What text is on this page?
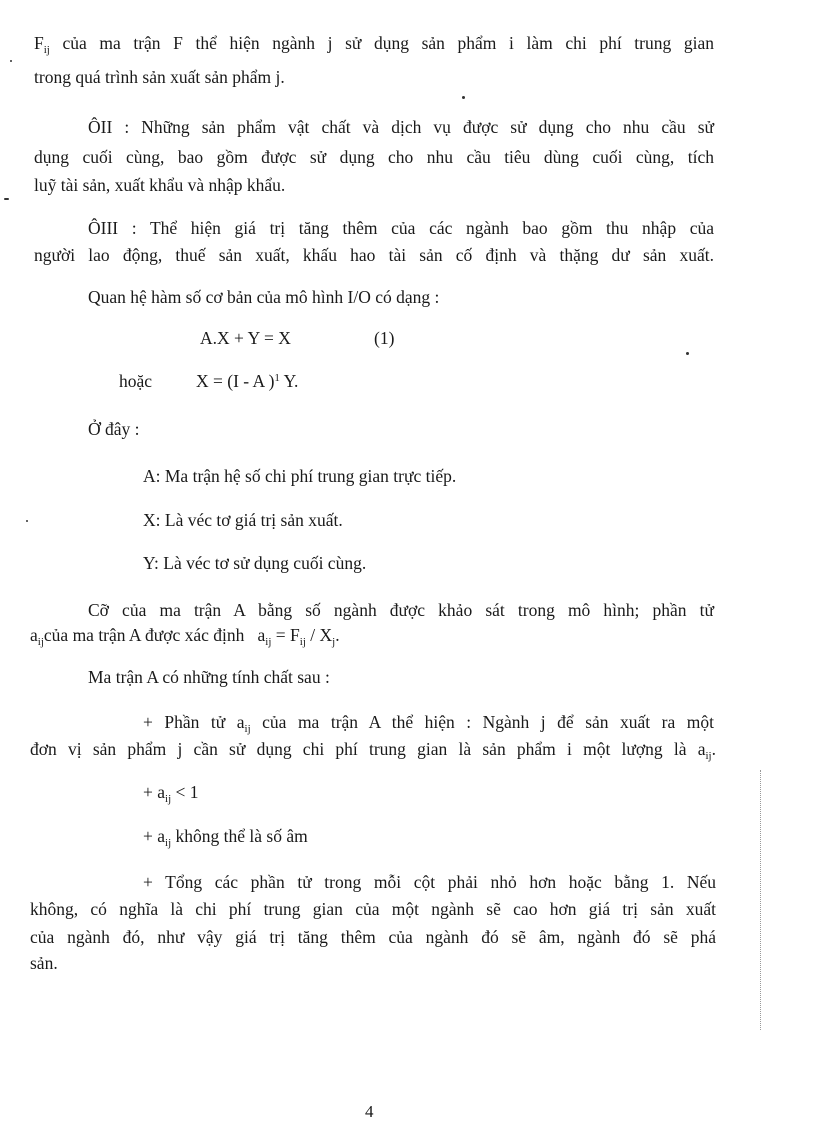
$F_{ij}$ của ma trận F thể hiện ngành j sử dụng sản phẩm i làm chi phí trung gian
trong quá trình sản xuất sản phẩm j.
ÔII : Những sản phẩm vật chất và dịch vụ được sử dụng cho nhu cầu sử
dụng cuối cùng, bao gồm được sử dụng cho nhu cầu tiêu dùng cuối cùng, tích
luỹ tài sản, xuất khẩu và nhập khẩu.
ÔIII : Thể hiện giá trị tăng thêm của các ngành bao gồm thu nhập của
người lao động, thuế sản xuất, khấu hao tài sản cố định và thặng dư sản xuất.
Quan hệ hàm số cơ bản của mô hình I/O có dạng :
A.X + Y = X	(1)
hoặc	X = (I - A )$^1$ Y.
Ở đây :
A: Ma trận hệ số chi phí trung gian trực tiếp.
X: Là véc tơ giá trị sản xuất.
Y: Là véc tơ sử dụng cuối cùng.
Cỡ của ma trận A bằng số ngành được khảo sát trong mô hình; phần tử
$a_{ij}của$ ma trận A được xác định $a_{ij} = F_{ij} / X_j$.
Ma trận A có những tính chất sau :
+ Phần tử $a_{ij}$ của ma trận A thể hiện : Ngành j để sản xuất ra một
đơn vị sản phẩm j cần sử dụng chi phí trung gian là sản phẩm i một lượng là $a_{ij}$.
+ $a_{ij} < 1$
+ $a_{ij}$ không thể là số âm
+ Tổng các phần tử trong mỗi cột phải nhỏ hơn hoặc bằng 1. Nếu
không, có nghĩa là chi phí trung gian của một ngành sẽ cao hơn giá trị sản xuất
của ngành đó, như vậy giá trị tăng thêm của ngành đó sẽ âm, ngành đó sẽ phá
sản.
4
